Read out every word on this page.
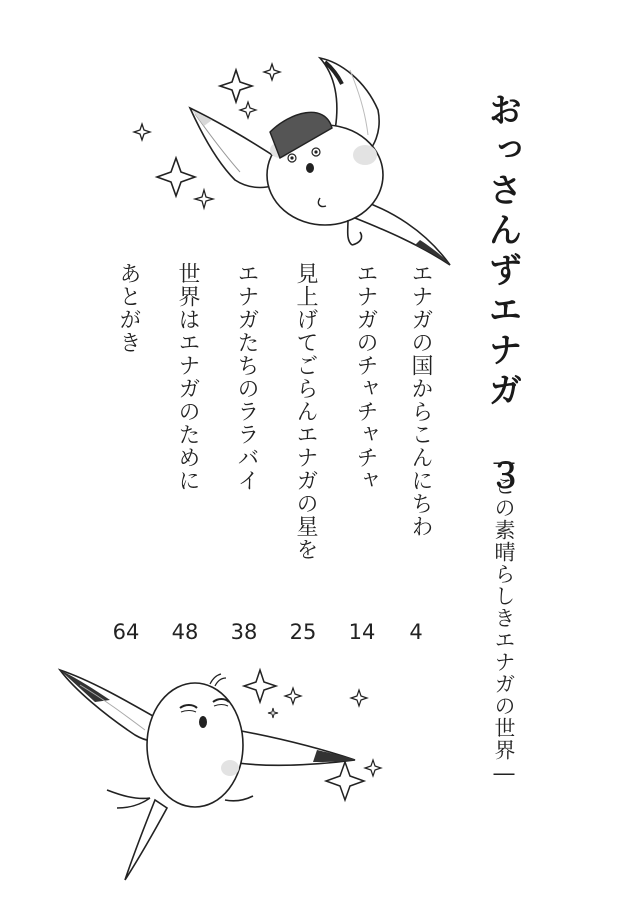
おっさんずエナガ ３
―この素晴らしきエナガの世界―
エナガの国からこんにちわ
エナガのチャチャチャ
見上げてごらんエナガの星を
エナガたちのララバイ
世界はエナガのために
あとがき
4
14
25
38
48
64
